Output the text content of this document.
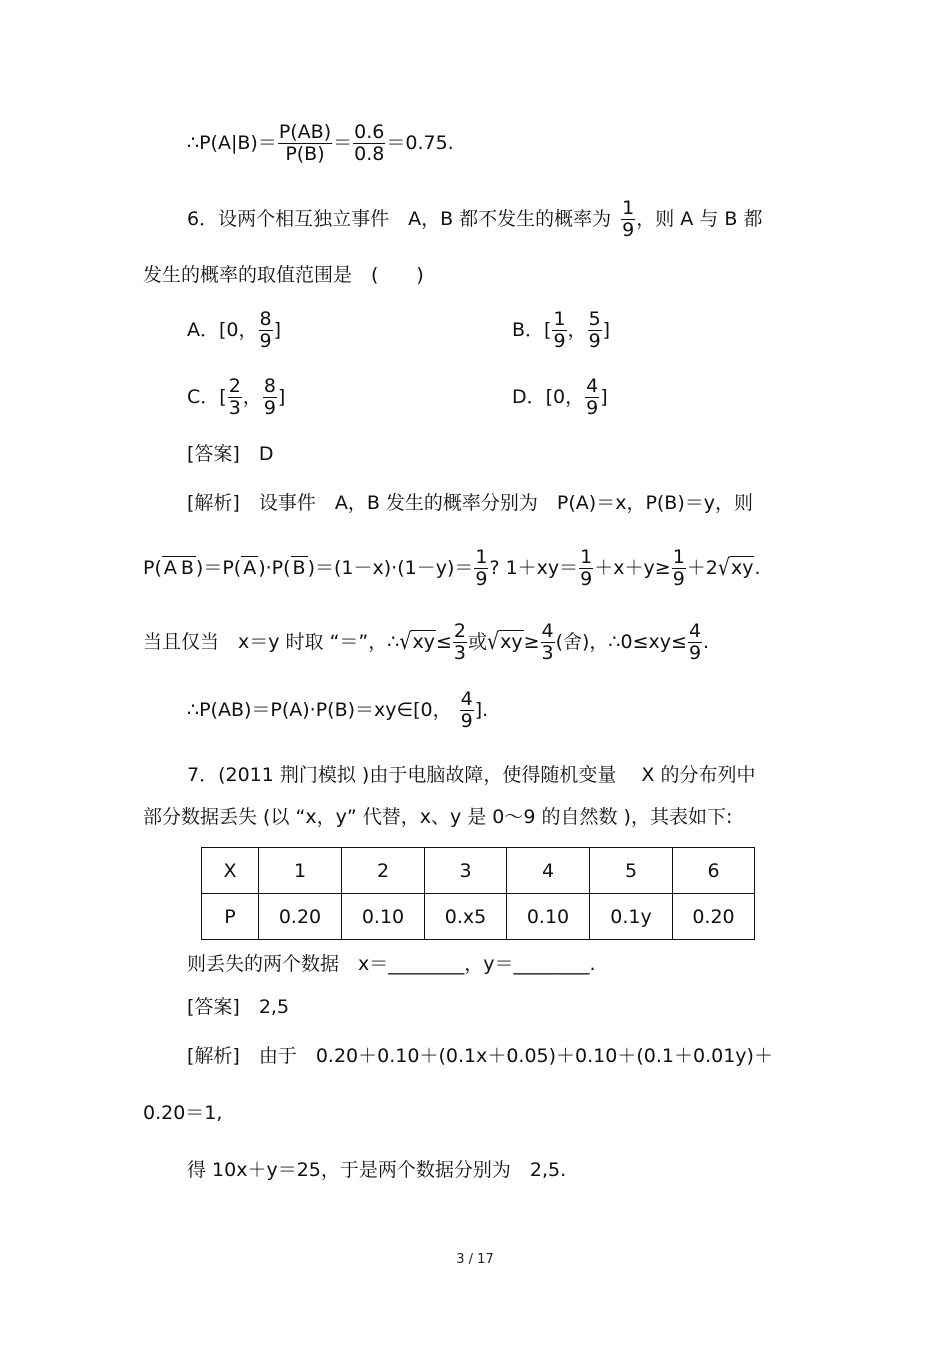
∴P(A|B)＝ $\frac{P(AB)}{P(B)} = \frac{0.6}{0.8} =0.75$.
6．设两个相互独立事件　A，B 都不发生的概率为 $\frac{1}{9}$ ，则 A 与 B 都
发生的概率的取值范围是　(　　)
A．[0， $\frac{8}{9}$ ]	B．[ $\frac{1}{9}$ ， $\frac{5}{9}$ ]
C．[ $\frac{2}{3}$ ， $\frac{8}{9}$ ]	D．[0， $\frac{4}{9}$ ]
[答案]　 D
[解析]　 设事件　A，B 发生的概率分别为　P(A)＝x，P(B)＝y，则
P( A B )＝P( A )·P( B )$=(1-x)\cdot(1-y)= \frac{1}{9}$ ? $1+xy= \frac{1}{9} +x+y\ge \frac{1}{9} +2√xy$.
当且仅当　x＝y 时取 “＝”，∴√xy≤ $\frac{2}{3}$ 或$√xy\ge \frac{4}{3}$ (舍)，∴0≤xy≤ $\frac{4}{9}$ .
∴P(AB)＝P(A)·P(B)＝xy∈[0， $\frac{4}{9}$ ].
7．(2011 荆门模拟 )由于电脑故障，使得随机变量　 X 的分布列中
部分数据丢失 (以 “x，y” 代替，x、y 是 0～9 的自然数 )，其表如下:
X	1	2	3	4	5	6
P	0.20	0.10	0.x5	0.10	0.1y	0.20
则丢失的两个数据　x＝________，y＝________.
[答案]　 2,5
[解析]　 由于　0.20＋0.10＋(0.1x＋0.05)＋0.10＋(0.1＋0.01y)＋
0.20＝1,
得 10x＋y＝25，于是两个数据分别为　2,5.
3 / 17
